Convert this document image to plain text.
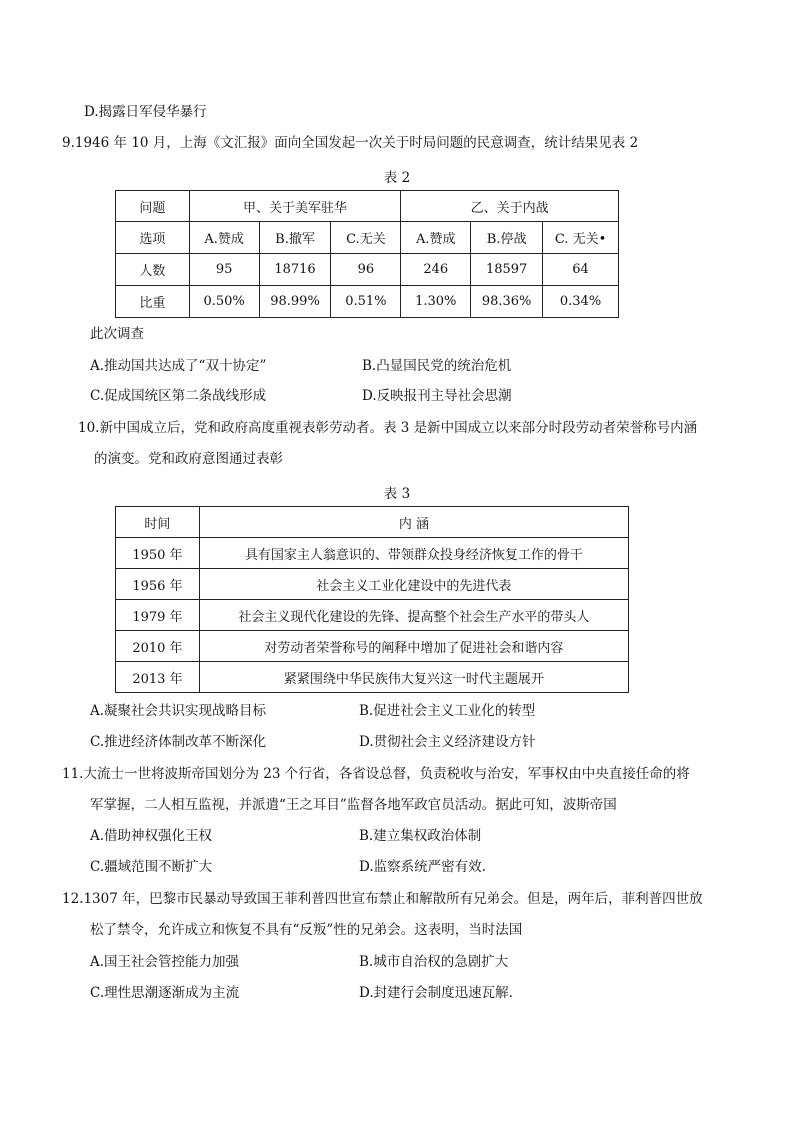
D.揭露日军侵华暴行
9.1946 年 10 月，上海《文汇报》面向全国发起一次关于时局问题的民意调查，统计结果见表 2
表 2
问题	甲、关于美军驻华			乙、关于内战		
选项	A.赞成	B.撤军	C.无关	A.赞成	B.停战	C. 无关•
人数	95	18716	96	246	18597	64
比重	0.50%	98.99%	0.51%	1.30%	98.36%	0.34%
此次调查
A.推动国共达成了“双十协定”	B.凸显国民党的统治危机
C.促成国统区第二条战线形成	D.反映报刊主导社会思潮
10.新中国成立后，党和政府高度重视表彰劳动者。表 3 是新中国成立以来部分时段劳动者荣誉称号内涵
的演变。党和政府意图通过表彰
表 3
时间	内 涵
1950 年	具有国家主人翁意识的、带领群众投身经济恢复工作的骨干
1956 年	社会主义工业化建设中的先进代表
1979 年	社会主义现代化建设的先锋、提高整个社会生产水平的带头人
2010 年	对劳动者荣誉称号的阐释中增加了促进社会和谐内容
2013 年	紧紧围绕中华民族伟大复兴这一时代主题展开
A.凝聚社会共识实现战略目标	B.促进社会主义工业化的转型
C.推进经济体制改革不断深化	D.贯彻社会主义经济建设方针
11.大流士一世将波斯帝国划分为 23 个行省，各省设总督，负责税收与治安，军事权由中央直接任命的将
军掌握，二人相互监视，并派遣“王之耳目”监督各地军政官员活动。据此可知，波斯帝国
A.借助神权强化王权	B.建立集权政治体制
C.疆域范围不断扩大	D.监察系统严密有效.
12.1307 年，巴黎市民暴动导致国王菲利普四世宣布禁止和解散所有兄弟会。但是，两年后，菲利普四世放
松了禁令，允许成立和恢复不具有“反叛”性的兄弟会。这表明，当时法国
A.国王社会管控能力加强	B.城市自治权的急剧扩大
C.理性思潮逐渐成为主流	D.封建行会制度迅速瓦解.
